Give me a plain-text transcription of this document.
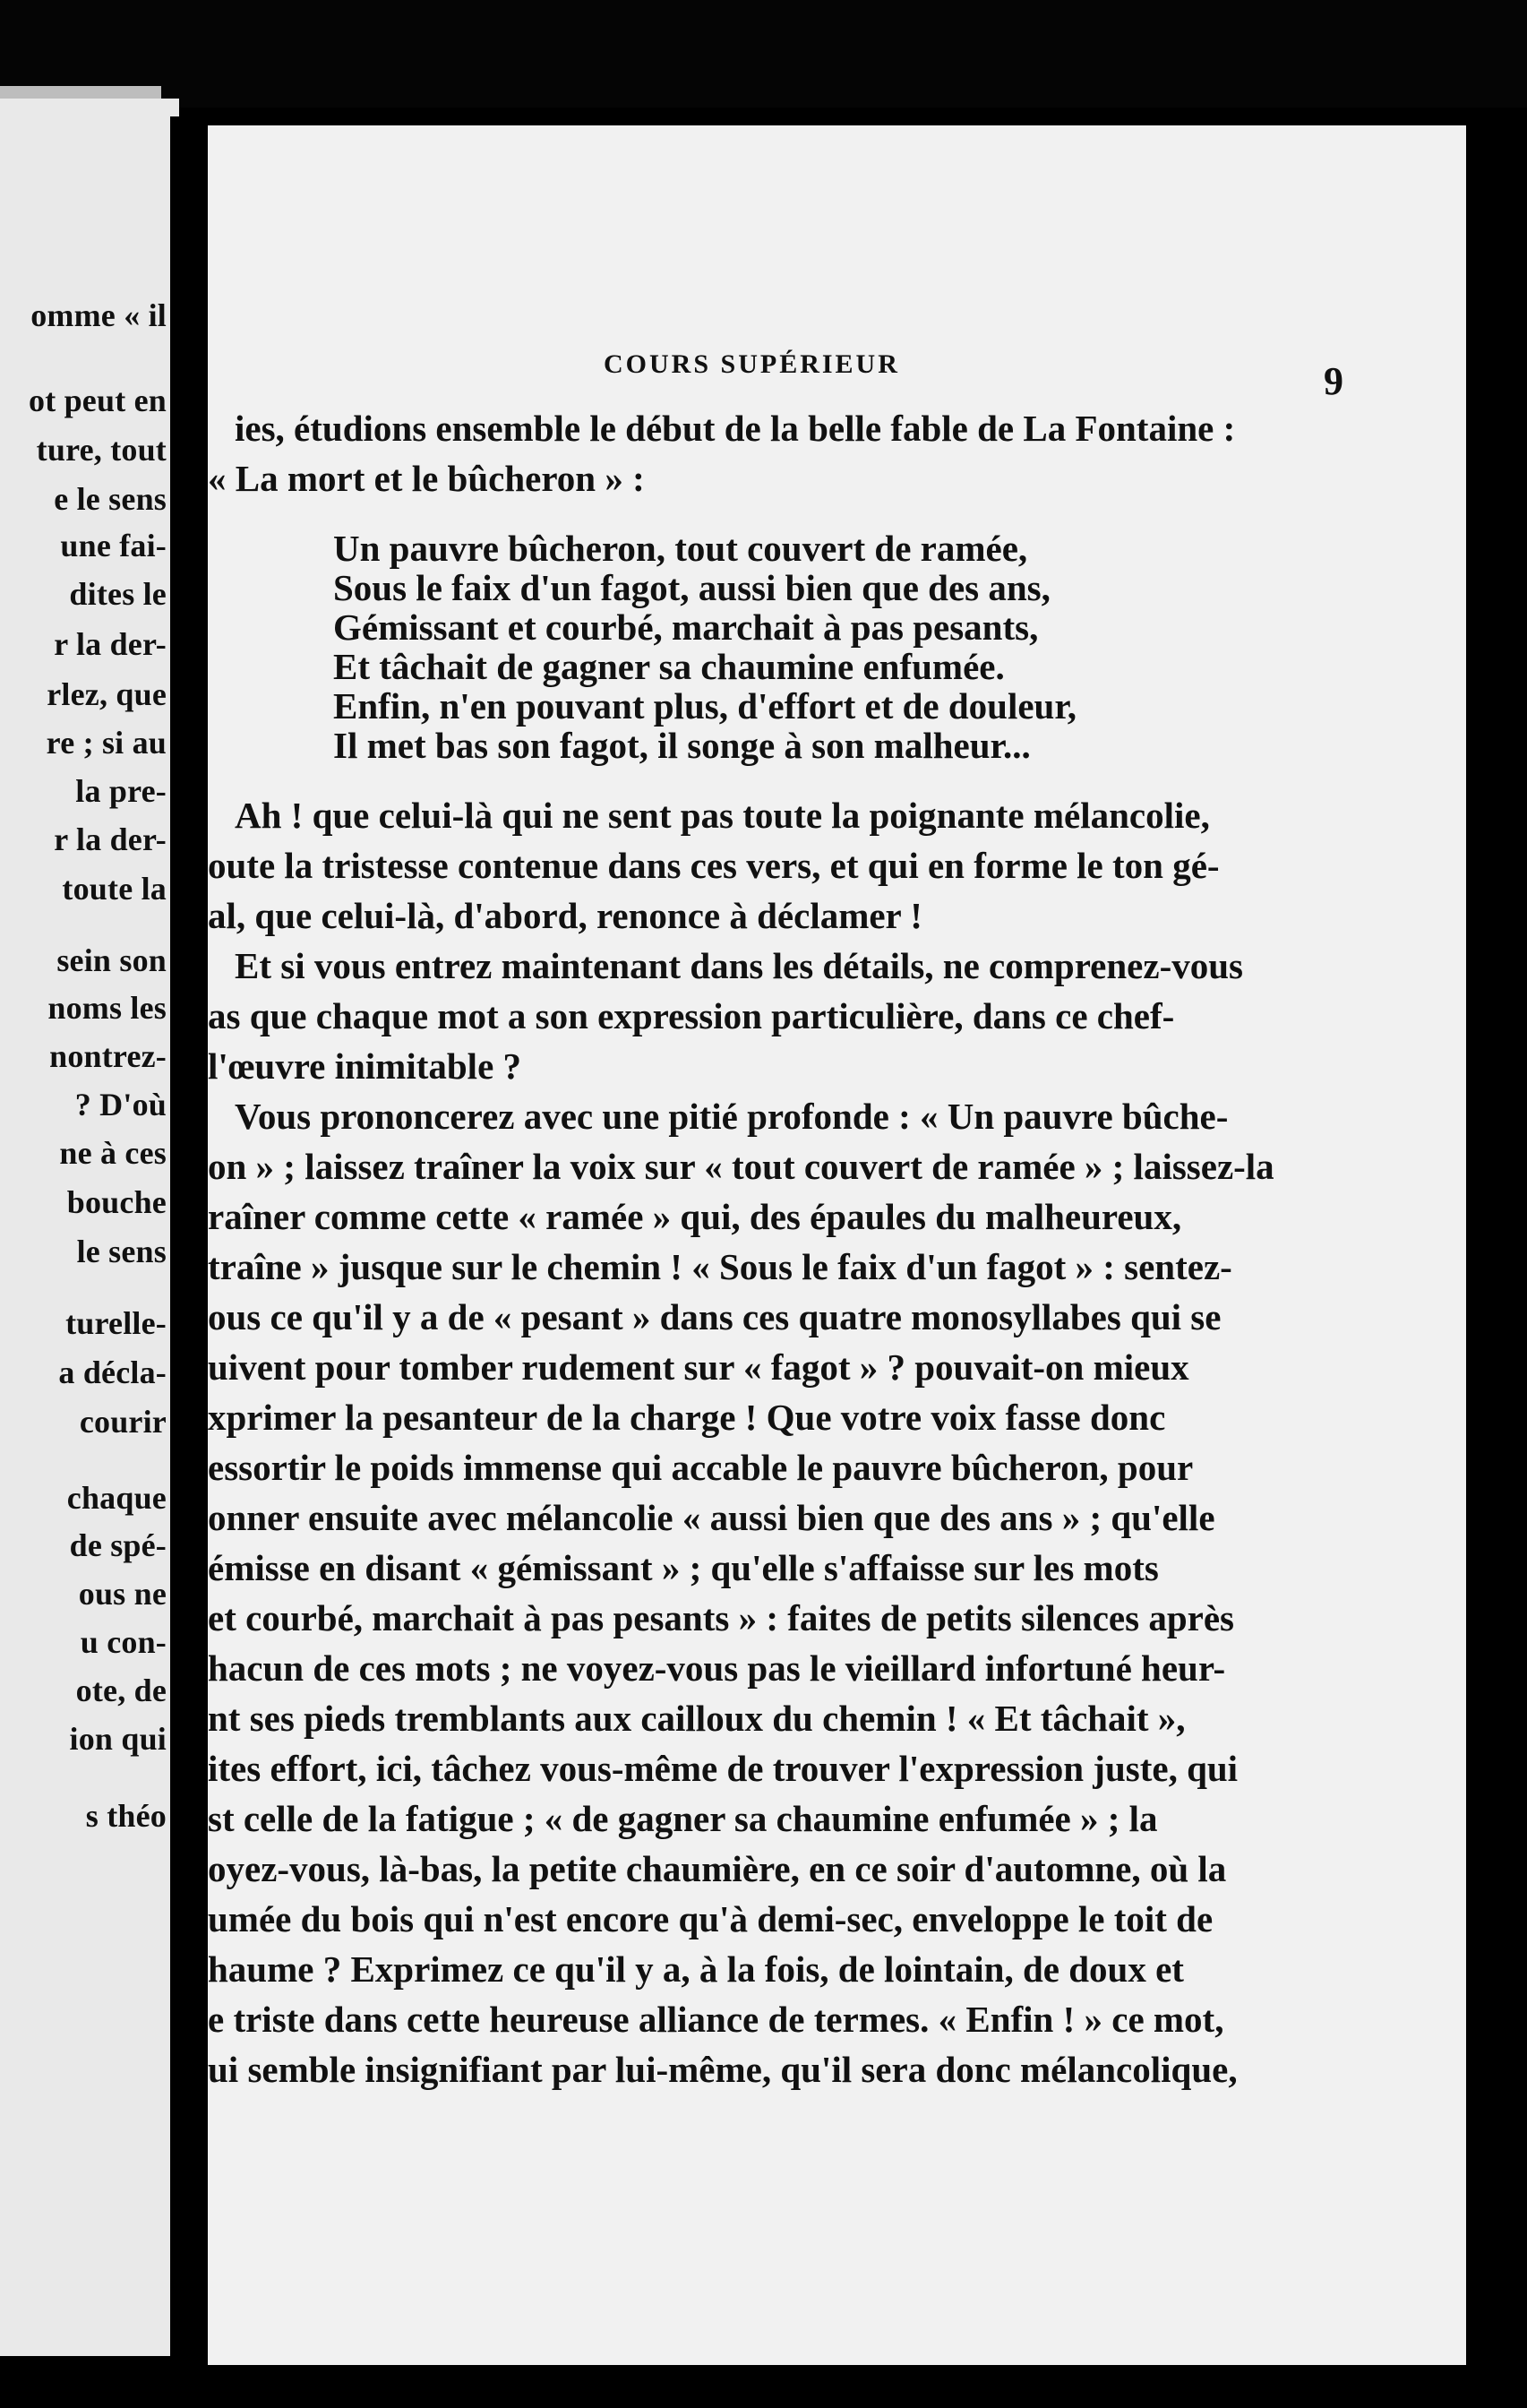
omme « il
ot peut en
ture, tout
e le sens
une fai-
dites le
r la der-
rlez, que
re ; si au
la pre-
r la der-
toute la
sein son
noms les
nontrez-
? D'où
ne à ces
bouche
le sens
turelle-
a décla-
courir
chaque
de spé-
ous ne
u con-
ote, de
ion qui
s théo
COURS SUPÉRIEUR	9
ies, étudions ensemble le début de la belle fable de La Fontaine :
« La mort et le bûcheron » :
Un pauvre bûcheron, tout couvert de ramée,
Sous le faix d'un fagot, aussi bien que des ans,
Gémissant et courbé, marchait à pas pesants,
Et tâchait de gagner sa chaumine enfumée.
Enfin, n'en pouvant plus, d'effort et de douleur,
Il met bas son fagot, il songe à son malheur...
Ah ! que celui-là qui ne sent pas toute la poignante mélancolie,
oute la tristesse contenue dans ces vers, et qui en forme le ton gé-
al, que celui-là, d'abord, renonce à déclamer !
Et si vous entrez maintenant dans les détails, ne comprenez-vous
as que chaque mot a son expression particulière, dans ce chef-
l'œuvre inimitable ?
Vous prononcerez avec une pitié profonde : « Un pauvre bûche-
on » ; laissez traîner la voix sur « tout couvert de ramée » ; laissez-la
raîner comme cette « ramée » qui, des épaules du malheureux,
traîne » jusque sur le chemin ! « Sous le faix d'un fagot » : sentez-
ous ce qu'il y a de « pesant » dans ces quatre monosyllabes qui se
uivent pour tomber rudement sur « fagot » ? pouvait-on mieux
xprimer la pesanteur de la charge ! Que votre voix fasse donc
essortir le poids immense qui accable le pauvre bûcheron, pour
onner ensuite avec mélancolie « aussi bien que des ans » ; qu'elle
émisse en disant « gémissant » ; qu'elle s'affaisse sur les mots
et courbé, marchait à pas pesants » : faites de petits silences après
hacun de ces mots ; ne voyez-vous pas le vieillard infortuné heur-
nt ses pieds tremblants aux cailloux du chemin ! « Et tâchait »,
ites effort, ici, tâchez vous-même de trouver l'expression juste, qui
st celle de la fatigue ; « de gagner sa chaumine enfumée » ; la
oyez-vous, là-bas, la petite chaumière, en ce soir d'automne, où la
umée du bois qui n'est encore qu'à demi-sec, enveloppe le toit de
haume ? Exprimez ce qu'il y a, à la fois, de lointain, de doux et
e triste dans cette heureuse alliance de termes. « Enfin ! » ce mot,
ui semble insignifiant par lui-même, qu'il sera donc mélancolique,
